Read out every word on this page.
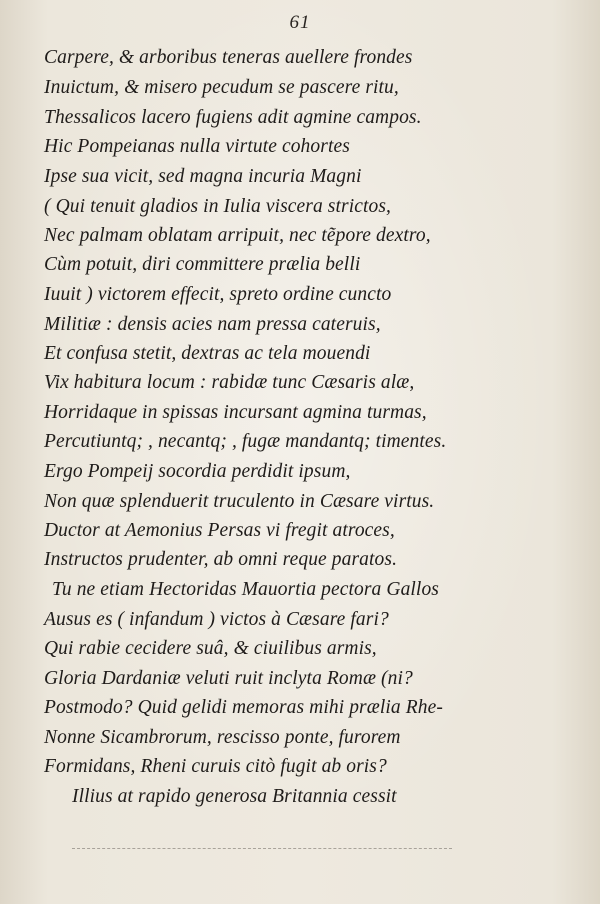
61
Carpere, & arboribus teneras auellere frondes
Inuictum, & misero pecudum se pascere ritu,
Thessalicos lacero fugiens adit agmine campos.
Hic Pompeianas nulla virtute cohortes
Ipse sua vicit, sed magna incuria Magni
( Qui tenuit gladios in Iulia viscera strictos,
Nec palmam oblatam arripuit, nec tẽpore dextro,
Cùm potuit, diri committere prælia belli
Iuuit ) victorem effecit, spreto ordine cuncto
Militiæ : densis acies nam pressa cateruis,
Et confusa stetit, dextras ac tela mouendi
Vix habitura locum : rabidæ tunc Cæsaris alæ,
Horridaque in spissas incursant agmina turmas,
Percutiuntq; , necantq; , fugæ mandantq; timentes.
Ergo Pompeij socordia perdidit ipsum,
Non quæ splenduerit truculento in Cæsare virtus.
Ductor at Aemonius Persas vi fregit atroces,
Instructos prudenter, ab omni reque paratos.
Tu ne etiam Hectoridas Mauortia pectora Gallos
Ausus es ( infandum ) victos à Cæsare fari?
Qui rabie cecidere suâ, & ciuilibus armis,
Gloria Dardaniæ veluti ruit inclyta Romæ (ni?
Postmodo? Quid gelidi memoras mihi prælia Rhe-
Nonne Sicambrorum, rescisso ponte, furorem
Formidans, Rheni curuis citò fugit ab oris?
Illius at rapido generosa Britannia cessit
